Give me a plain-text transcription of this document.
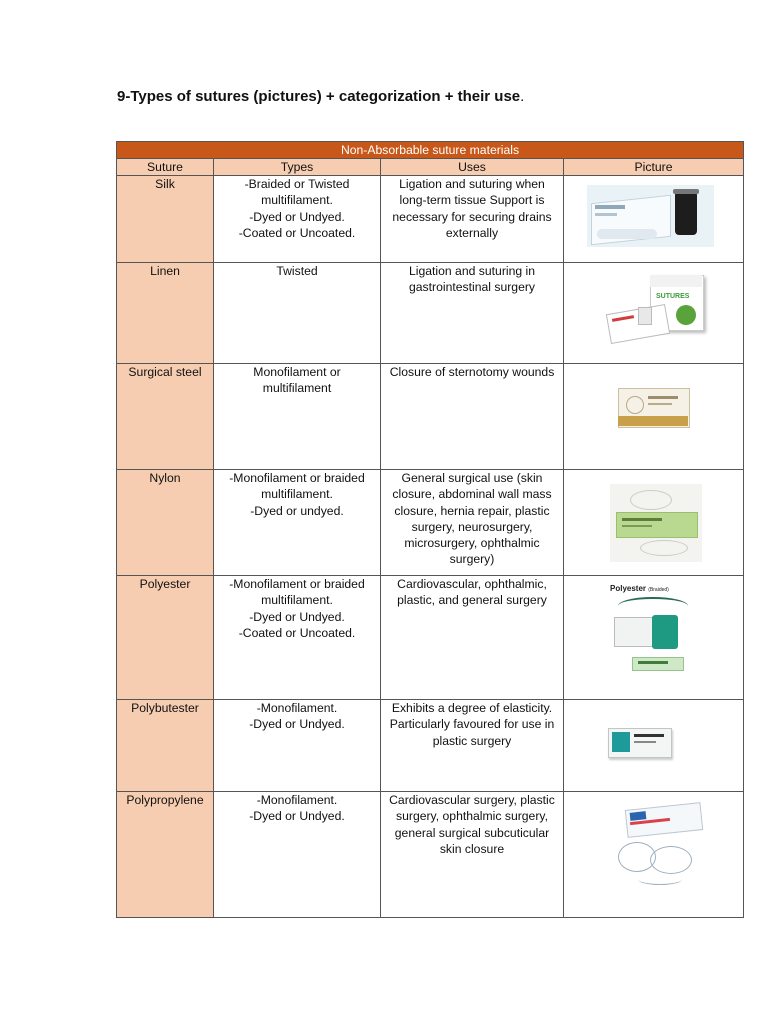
9-Types of sutures (pictures) + categorization + their use.
Non-Absorbable suture materials			
Suture	Types	Uses	Picture
Silk	-Braided or Twisted
multifilament.
-Dyed or Undyed.
-Coated or Uncoated.	Ligation and suturing when long-term tissue Support is necessary for securing drains externally	

Linen	Twisted	Ligation and suturing in gastrointestinal surgery	SUTURES

Surgical steel	Monofilament or
multifilament	Closure of sternotomy wounds	

Nylon	-Monofilament or braided
multifilament.
-Dyed or undyed.	General surgical use (skin closure, abdominal wall mass closure, hernia repair, plastic surgery, neurosurgery, microsurgery, ophthalmic surgery)	

Polyester	-Monofilament or braided
multifilament.
-Dyed or Undyed.
-Coated or Uncoated.	Cardiovascular, ophthalmic, plastic, and general surgery	Polyester (Braided)

Polybutester	-Monofilament.
-Dyed or Undyed.	Exhibits a degree of elasticity. Particularly favoured for use in plastic surgery	

Polypropylene	-Monofilament.
-Dyed or Undyed.	Cardiovascular surgery, plastic surgery, ophthalmic surgery, general surgical subcuticular skin closure	
